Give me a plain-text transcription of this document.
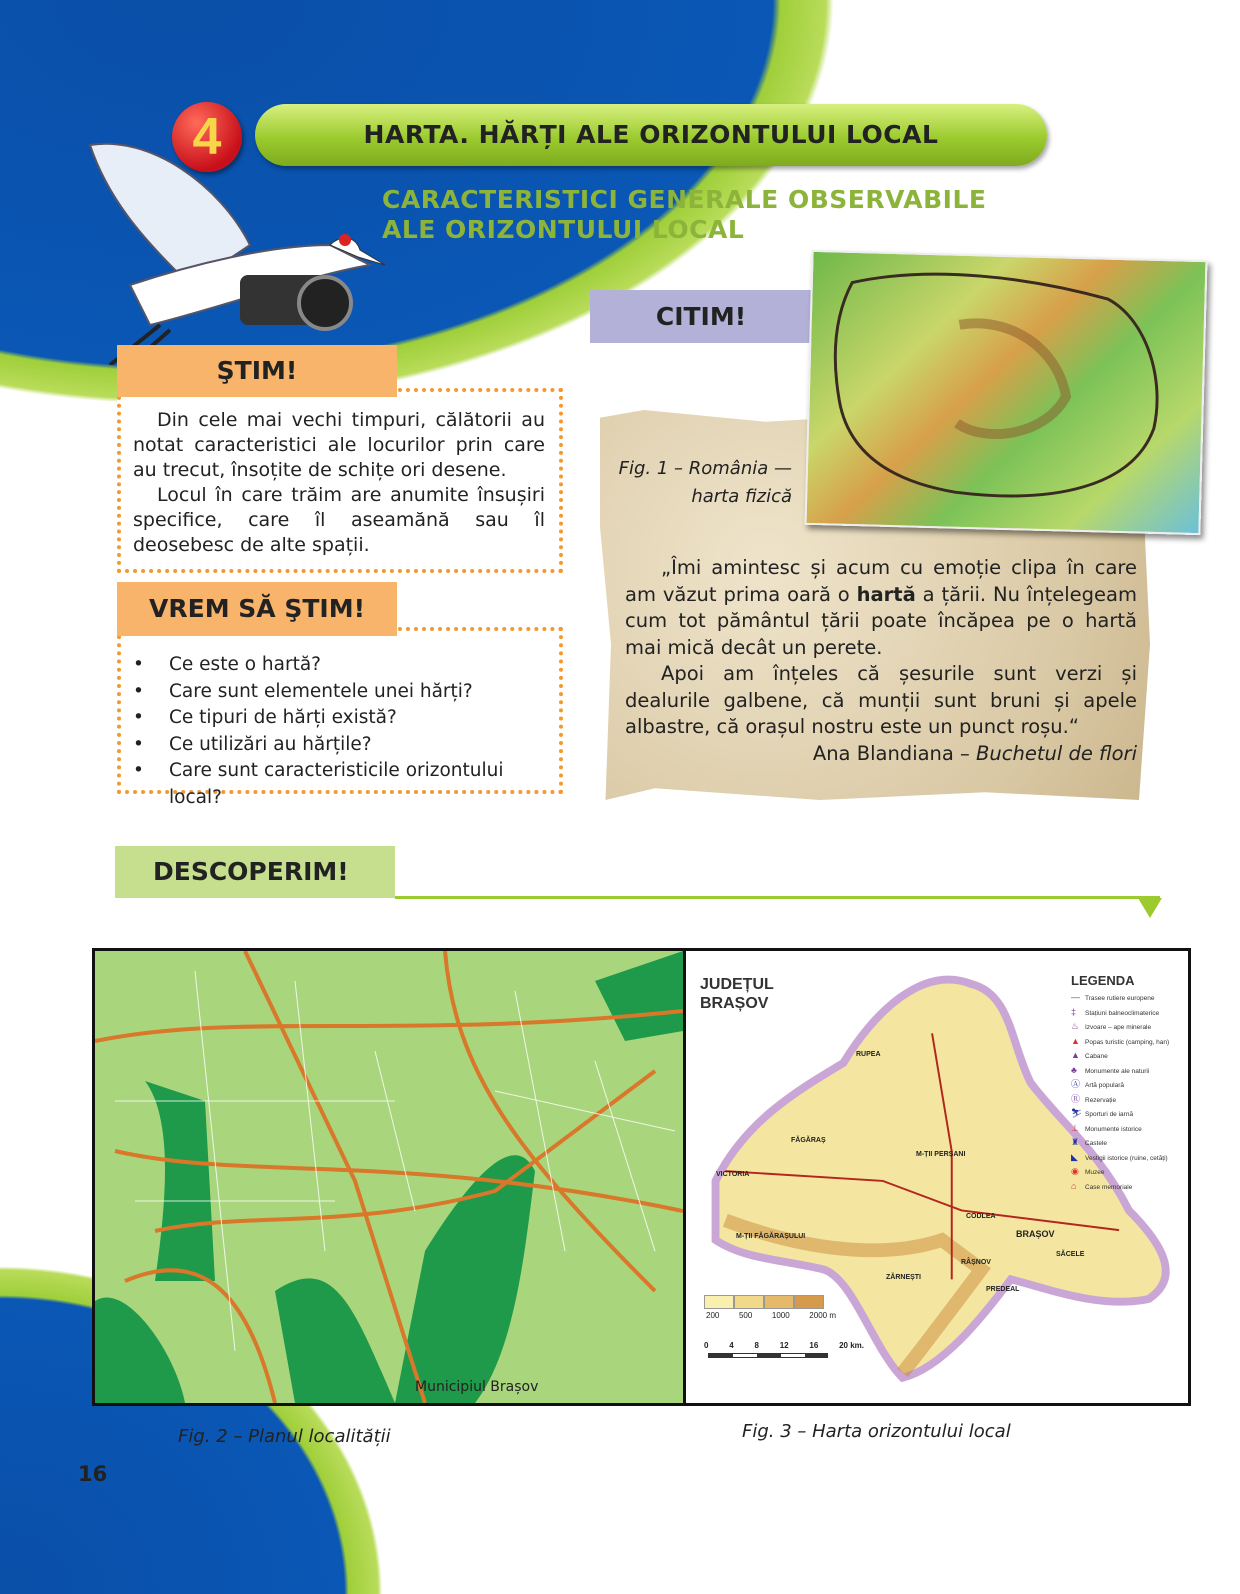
4	HARTA. HĂRȚI ALE ORIZONTULUI LOCAL
CARACTERISTICI GENERALE OBSERVABILE
ALE ORIZONTULUI LOCAL

Din cele mai vechi timpuri, călătorii au notat caracteristici ale locurilor prin care au trecut, însoțite de schițe ori desene.

Locul în care trăim are anumite însușiri specifice, care îl aseamănă sau îl deosebesc de alte spații.

ŞTIM!
• Ce este o hartă?
• Care sunt elementele unei hărți?
• Ce tipuri de hărți există?
• Ce utilizări au hărțile?
• Care sunt caracteristicile orizontului local?
VREM SĂ ŞTIM!
CITIM!
Fig. 1 – România —
harta fizică

„Îmi amintesc și acum cu emoție clipa în care am văzut prima oară o hartă a țării. Nu înțelegeam cum tot pământul țării poate încăpea pe o hartă mai mică decât un perete.

Apoi am înțeles că șesurile sunt verzi și dealurile galbene, că munții sunt bruni și apele albastre, că orașul nostru este un punct roșu.“

Ana Blandiana – Buchetul de flori
DESCOPERIM!
Municipiul Brașov
JUDEȚUL
BRAȘOV
RUPEA
FĂGĂRAȘ
VICTORIA
CODLEA
BRAȘOV
RÂȘNOV
ZĂRNEȘTI
SĂCELE
PREDEAL
M-ȚII FĂGĂRAȘULUI
M-ȚII PERȘANI
LEGENDA
— Trasee rutiere europene
‡ Stațiuni balneoclimaterice
♨ Izvoare – ape minerale
▲ Popas turistic (camping, han)
▲ Cabane
♣ Monumente ale naturii
Ⓐ Artă populară
Ⓡ Rezervație
⛷ Sporturi de iarnă
⊥ Monumente istorice
♜ Castele
◣ Vestigii istorice (ruine, cetăți)
◉ Muzee
⌂ Case memoriale
200 500 1000 2000 m
0	4	8	12	16	20 km.
Fig. 2 – Planul localității	Fig. 3 – Harta orizontului local
16
